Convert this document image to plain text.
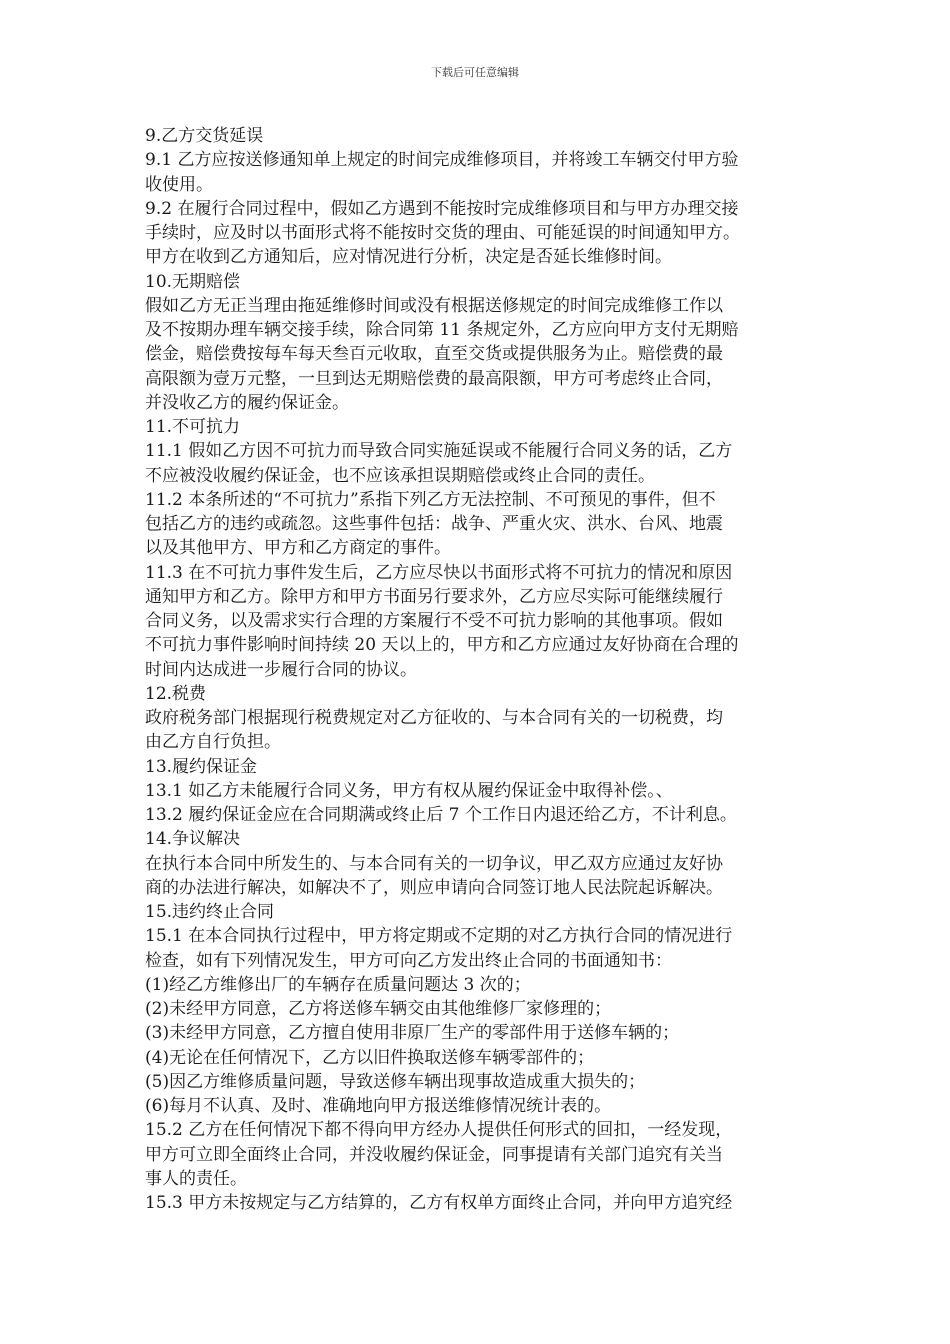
下载后可任意编辑
9.乙方交货延误
9.1 乙方应按送修通知单上规定的时间完成维修项目，并将竣工车辆交付甲方验
收使用。
9.2 在履行合同过程中，假如乙方遇到不能按时完成维修项目和与甲方办理交接
手续时，应及时以书面形式将不能按时交货的理由、可能延误的时间通知甲方。
甲方在收到乙方通知后，应对情况进行分析，决定是否延长维修时间。
10.无期赔偿
假如乙方无正当理由拖延维修时间或没有根据送修规定的时间完成维修工作以
及不按期办理车辆交接手续，除合同第 11 条规定外，乙方应向甲方支付无期赔
偿金，赔偿费按每车每天叁百元收取，直至交货或提供服务为止。赔偿费的最
高限额为壹万元整，一旦到达无期赔偿费的最高限额，甲方可考虑终止合同，
并没收乙方的履约保证金。
11.不可抗力
11.1 假如乙方因不可抗力而导致合同实施延误或不能履行合同义务的话，乙方
不应被没收履约保证金，也不应该承担误期赔偿或终止合同的责任。
11.2 本条所述的“不可抗力”系指下列乙方无法控制、不可预见的事件，但不
包括乙方的违约或疏忽。这些事件包括：战争、严重火灾、洪水、台风、地震
以及其他甲方、甲方和乙方商定的事件。
11.3 在不可抗力事件发生后，乙方应尽快以书面形式将不可抗力的情况和原因
通知甲方和乙方。除甲方和甲方书面另行要求外，乙方应尽实际可能继续履行
合同义务，以及需求实行合理的方案履行不受不可抗力影响的其他事项。假如
不可抗力事件影响时间持续 20 天以上的，甲方和乙方应通过友好协商在合理的
时间内达成进一步履行合同的协议。
12.税费
政府税务部门根据现行税费规定对乙方征收的、与本合同有关的一切税费，均
由乙方自行负担。
13.履约保证金
13.1 如乙方未能履行合同义务，甲方有权从履约保证金中取得补偿。、
13.2 履约保证金应在合同期满或终止后 7 个工作日内退还给乙方，不计利息。
14.争议解决
在执行本合同中所发生的、与本合同有关的一切争议，甲乙双方应通过友好协
商的办法进行解决，如解决不了，则应申请向合同签订地人民法院起诉解决。
15.违约终止合同
15.1 在本合同执行过程中，甲方将定期或不定期的对乙方执行合同的情况进行
检查，如有下列情况发生，甲方可向乙方发出终止合同的书面通知书：
(1)经乙方维修出厂的车辆存在质量问题达 3 次的；
(2)未经甲方同意，乙方将送修车辆交由其他维修厂家修理的；
(3)未经甲方同意，乙方擅自使用非原厂生产的零部件用于送修车辆的；
(4)无论在任何情况下，乙方以旧件换取送修车辆零部件的；
(5)因乙方维修质量问题，导致送修车辆出现事故造成重大损失的；
(6)每月不认真、及时、准确地向甲方报送维修情况统计表的。
15.2 乙方在任何情况下都不得向甲方经办人提供任何形式的回扣，一经发现，
甲方可立即全面终止合同，并没收履约保证金，同事提请有关部门追究有关当
事人的责任。
15.3 甲方未按规定与乙方结算的，乙方有权单方面终止合同，并向甲方追究经
